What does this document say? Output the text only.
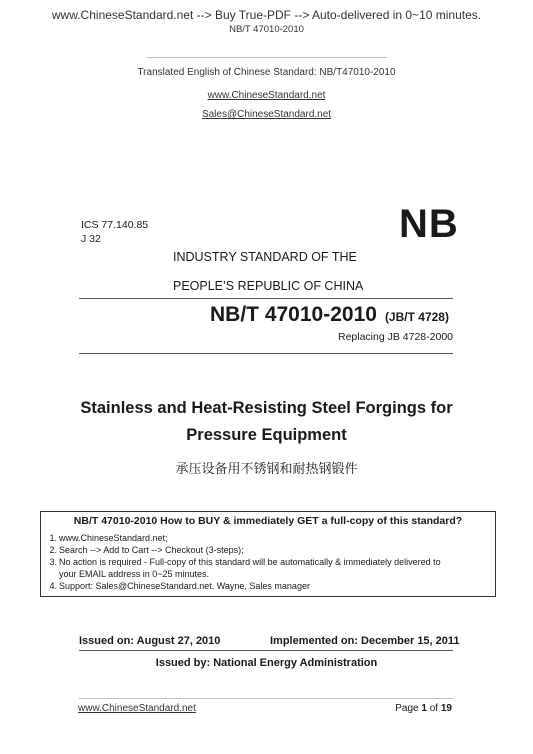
www.ChineseStandard.net --> Buy True-PDF --> Auto-delivered in 0~10 minutes.
NB/T 47010-2010
Translated English of Chinese Standard: NB/T47010-2010
www.ChineseStandard.net
Sales@ChineseStandard.net
ICS 77.140.85
J 32	NB
INDUSTRY STANDARD OF THE
PEOPLE’S REPUBLIC OF CHINA
NB/T 47010-2010 (JB/T 4728)
Replacing JB 4728-2000
Stainless and Heat-Resisting Steel Forgings for
Pressure Equipment
承压设备用不锈钢和耐热钢锻件
NB/T 47010-2010 How to BUY & immediately GET a full-copy of this standard?
1. www.ChineseStandard.net;
2. Search --> Add to Cart --> Checkout (3-steps);
3. No action is required - Full-copy of this standard will be automatically & immediately delivered to
your EMAIL address in 0~25 minutes.
4. Support: Sales@ChineseStandard.net. Wayne, Sales manager
Issued on: August 27, 2010	Implemented on: December 15, 2011
Issued by: National Energy Administration
www.ChineseStandard.net	Page 1 of 19
